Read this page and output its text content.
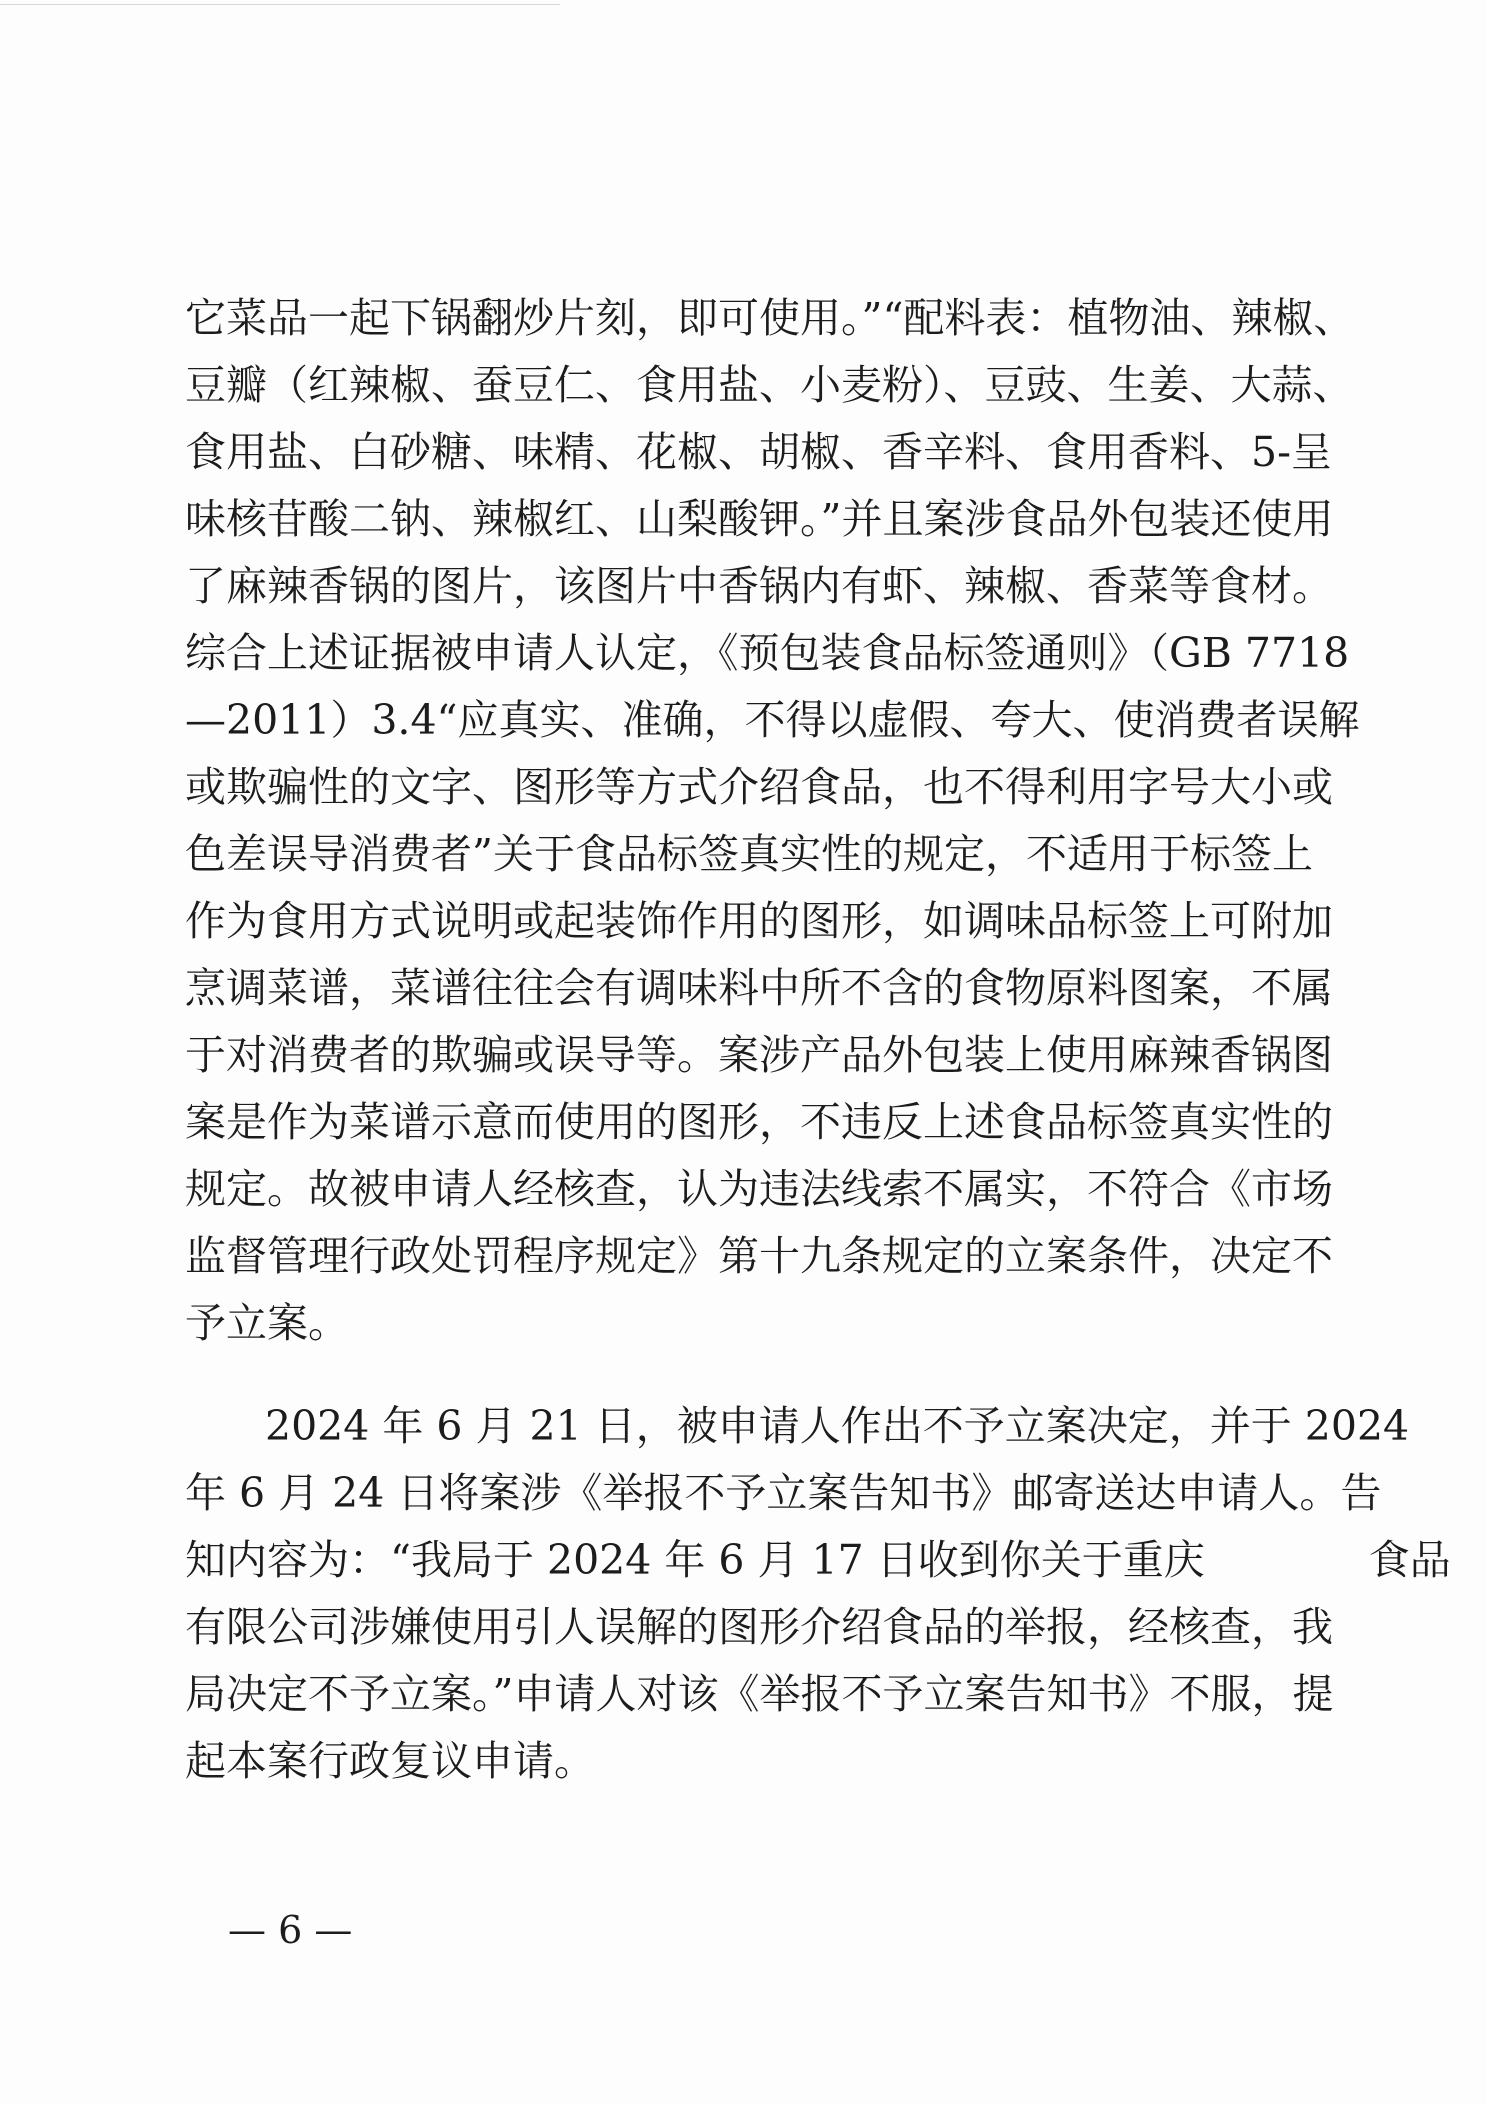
它菜品一起下锅翻炒片刻，即可使用。”“配料表：植物油、辣椒、
豆瓣（红辣椒、蚕豆仁、食用盐、小麦粉）、豆豉、生姜、大蒜、
食用盐、白砂糖、味精、花椒、胡椒、香辛料、食用香料、5-呈
味核苷酸二钠、辣椒红、山梨酸钾。”并且案涉食品外包装还使用
了麻辣香锅的图片，该图片中香锅内有虾、辣椒、香菜等食材。
综合上述证据被申请人认定，《预包装食品标签通则》（GB 7718
—2011）3.4“应真实、准确，不得以虚假、夸大、使消费者误解
或欺骗性的文字、图形等方式介绍食品，也不得利用字号大小或
色差误导消费者”关于食品标签真实性的规定，不适用于标签上
作为食用方式说明或起装饰作用的图形，如调味品标签上可附加
烹调菜谱，菜谱往往会有调味料中所不含的食物原料图案，不属
于对消费者的欺骗或误导等。案涉产品外包装上使用麻辣香锅图
案是作为菜谱示意而使用的图形，不违反上述食品标签真实性的
规定。故被申请人经核查，认为违法线索不属实，不符合《市场
监督管理行政处罚程序规定》第十九条规定的立案条件，决定不
予立案。
2024 年 6 月 21 日，被申请人作出不予立案决定，并于 2024
年 6 月 24 日将案涉《举报不予立案告知书》邮寄送达申请人。告
知内容为：“我局于 2024 年 6 月 17 日收到你关于重庆　　　　食品
有限公司涉嫌使用引人误解的图形介绍食品的举报，经核查，我
局决定不予立案。”申请人对该《举报不予立案告知书》不服，提
起本案行政复议申请。
— 6 —
